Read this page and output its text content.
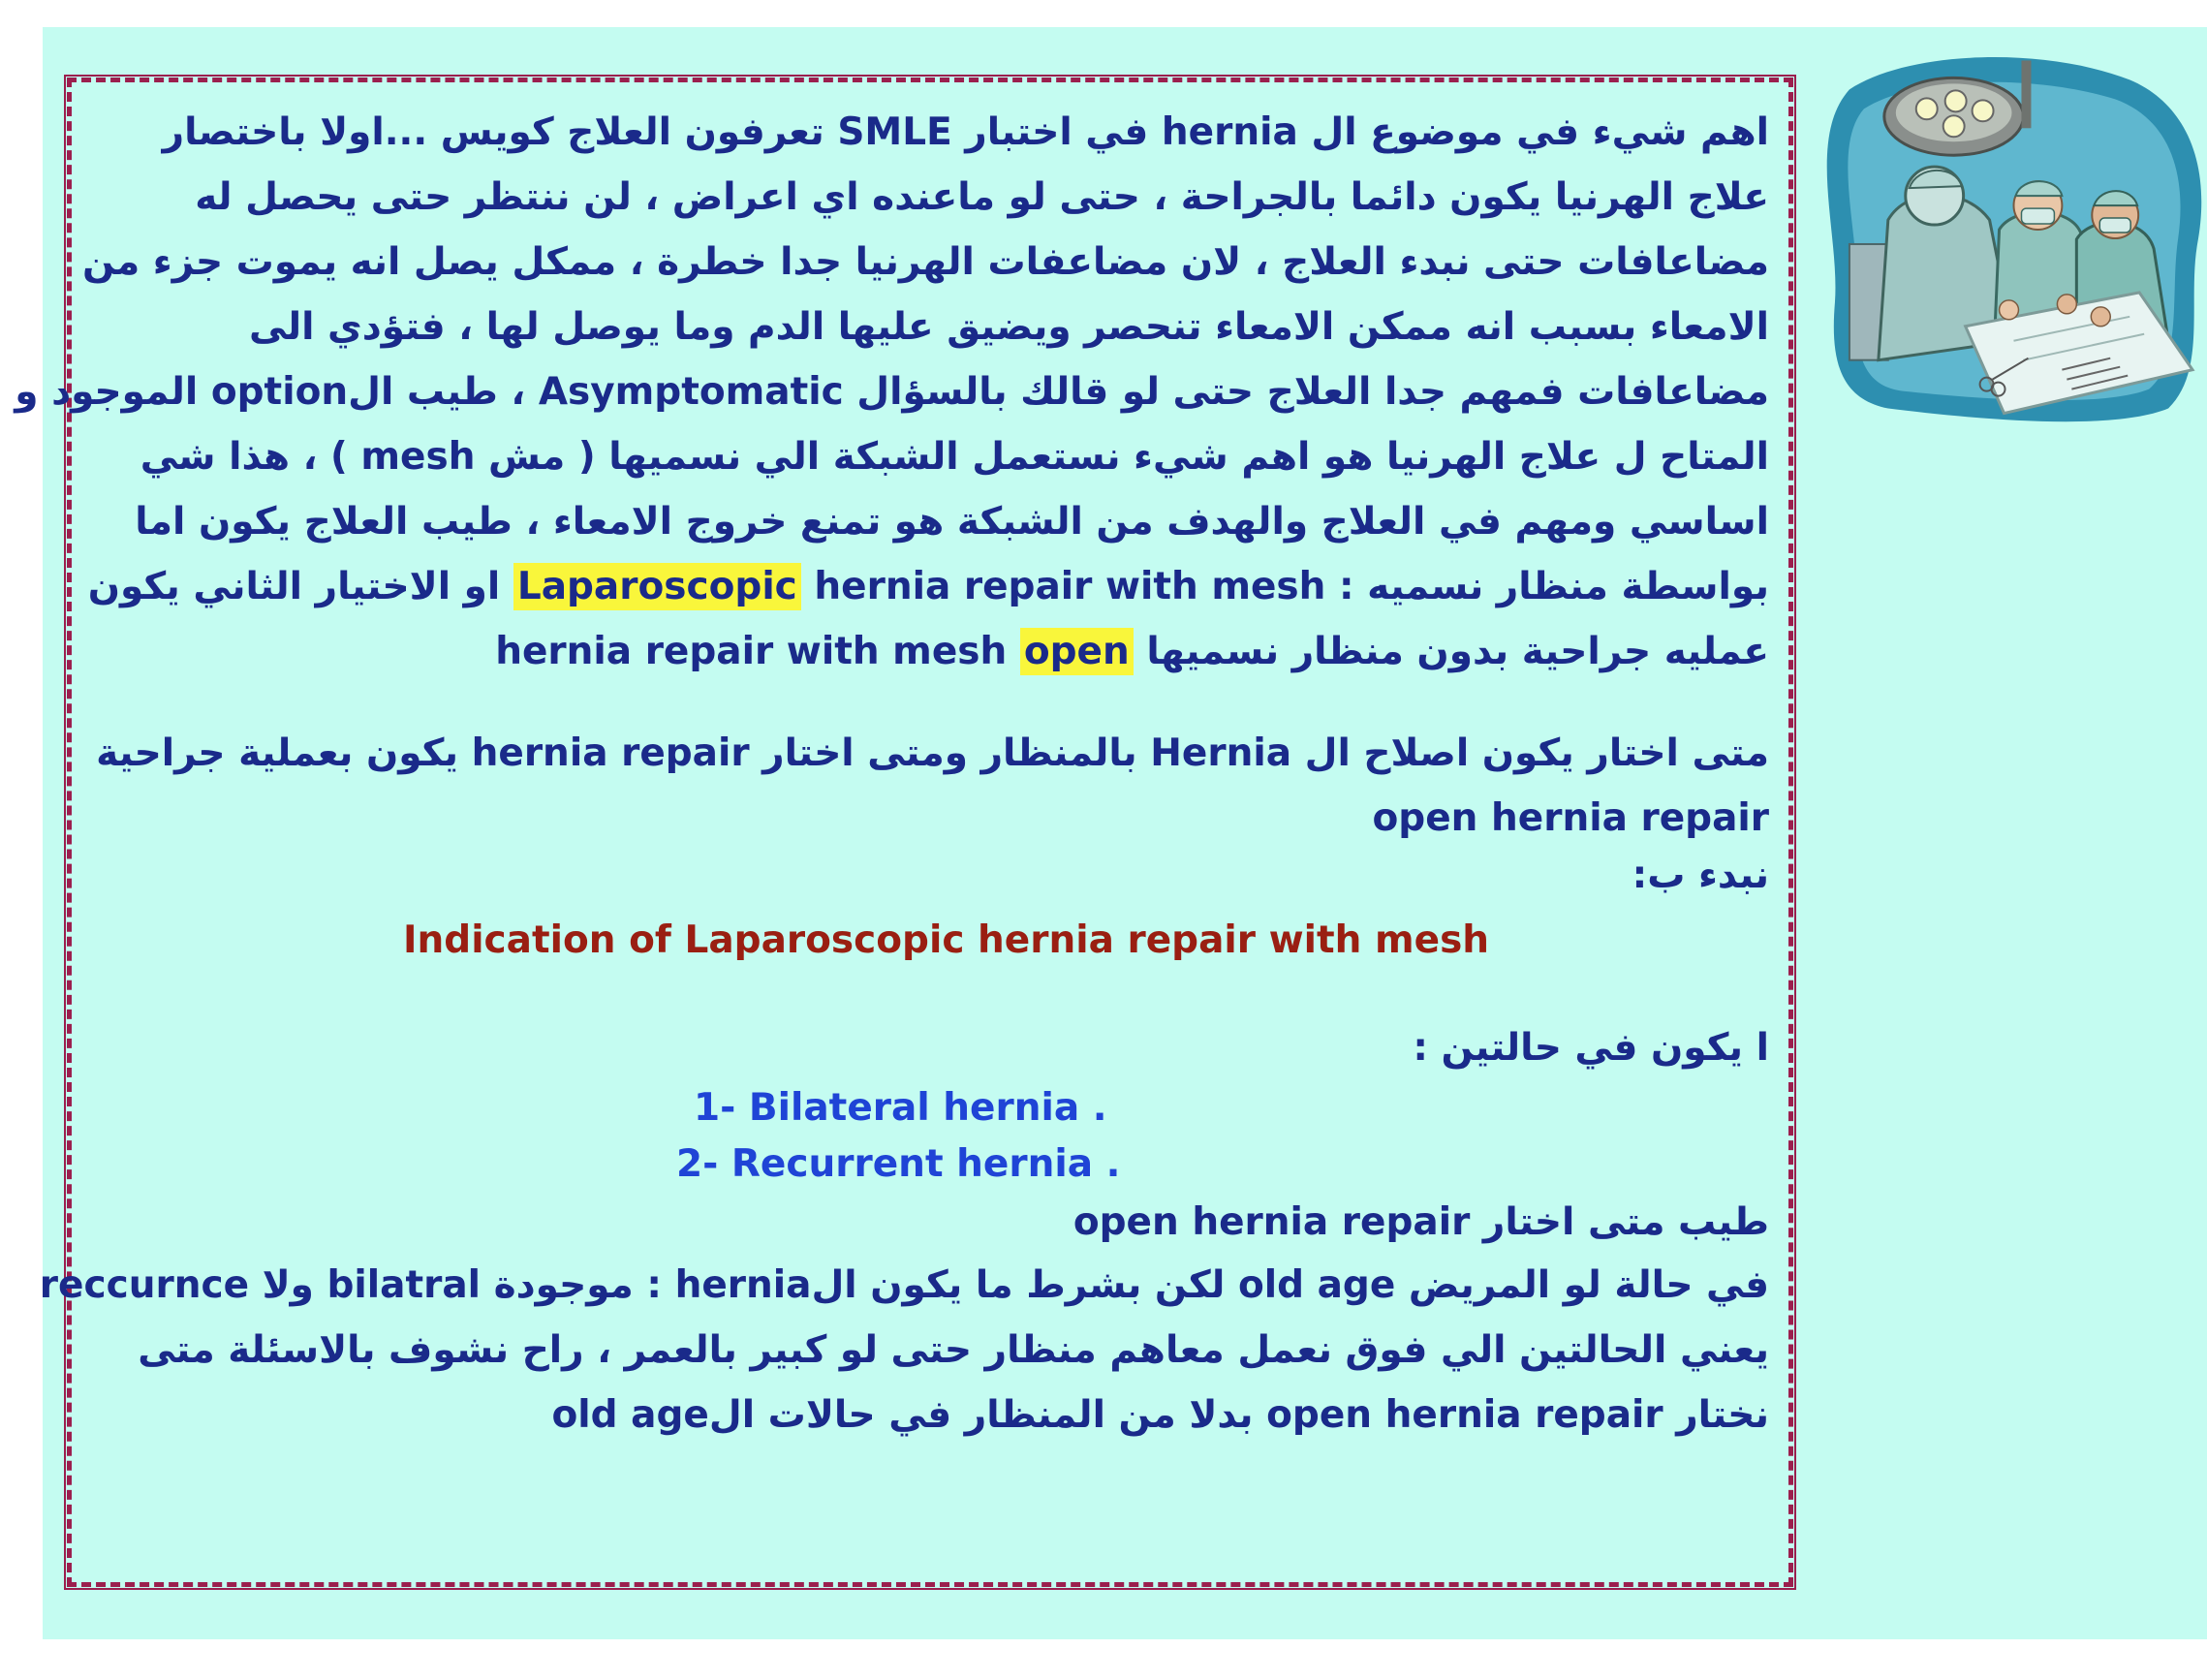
اهم شيء في موضوع ال hernia في اختبار SMLE تعرفون العلاج كويس ...اولا باختصار
علاج الهرنيا يكون دائما بالجراحة ، حتى لو ماعنده اي اعراض ، لن ننتظر حتى يحصل له
مضاعافات حتى نبدء العلاج ، لان مضاعفات الهرنيا جدا خطرة ، ممكل يصل انه يموت جزء من
الامعاء بسبب انه ممكن الامعاء تنحصر ويضيق عليها الدم وما يوصل لها ، فتؤدي الى
مضاعافات فمهم جدا العلاج حتى لو قالك بالسؤال Asymptomatic ، طيب الoption الموجود و
المتاح ل علاج الهرنيا هو اهم شيء نستعمل الشبكة الي نسميها ( مش mesh ) ، هذا شي
اساسي ومهم في العلاج والهدف من الشبكة هو تمنع خروج الامعاء ، طيب العلاج يكون اما
بواسطة منظار نسميه : Laparoscopic hernia repair with mesh او الاختيار الثاني يكون
عمليه جراحية بدون منظار نسميها hernia repair with mesh open
متى اختار يكون اصلاح ال Hernia بالمنظار ومتى اختار hernia repair يكون بعملية جراحية
open hernia repair
نبدء ب:
Indication of Laparoscopic hernia repair with mesh
ا يكون في حالتين :
1- Bilateral hernia .
2- Recurrent hernia .
طيب متى اختار open hernia repair
في حالة لو المريض old age لكن بشرط ما يكون الhernia : موجودة bilatral ولا reccurnce
يعني الحالتين الي فوق نعمل معاهم منظار حتى لو كبير بالعمر ، راح نشوف بالاسئلة متى
نختار open hernia repair بدلا من المنظار في حالات الold age
